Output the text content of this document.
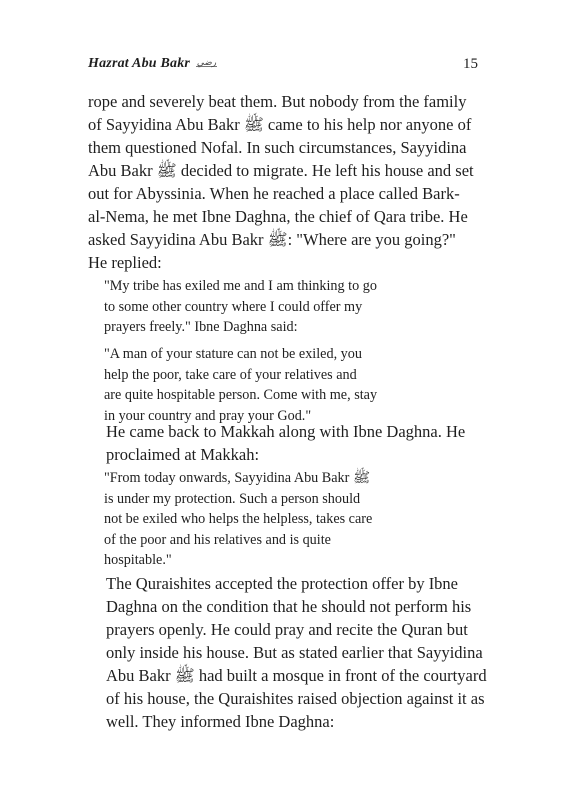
Hazrat Abu Bakr رضي	15

rope and severely beat them. But nobody from the family
of Sayyidina Abu Bakr ﷺ came to his help nor anyone of
them questioned Nofal. In such circumstances, Sayyidina
Abu Bakr ﷺ decided to migrate. He left his house and set
out for Abyssinia. When he reached a place called Bark-
al-Nema, he met Ibne Daghna, the chief of Qara tribe. He
asked Sayyidina Abu Bakr ﷺ: "Where are you going?"
He replied:

"My tribe has exiled me and I am thinking to go
to some other country where I could offer my
prayers freely." Ibne Daghna said:

"A man of your stature can not be exiled, you
help the poor, take care of your relatives and
are quite hospitable person. Come with me, stay
in your country and pray your God."

He came back to Makkah along with Ibne Daghna. He
proclaimed at Makkah:

"From today onwards, Sayyidina Abu Bakr ﷺ
is under my protection. Such a person should
not be exiled who helps the helpless, takes care
of the poor and his relatives and is quite
hospitable."

The Quraishites accepted the protection offer by Ibne
Daghna on the condition that he should not perform his
prayers openly. He could pray and recite the Quran but
only inside his house. But as stated earlier that Sayyidina
Abu Bakr ﷺ had built a mosque in front of the courtyard
of his house, the Quraishites raised objection against it as
well. They informed Ibne Daghna:
